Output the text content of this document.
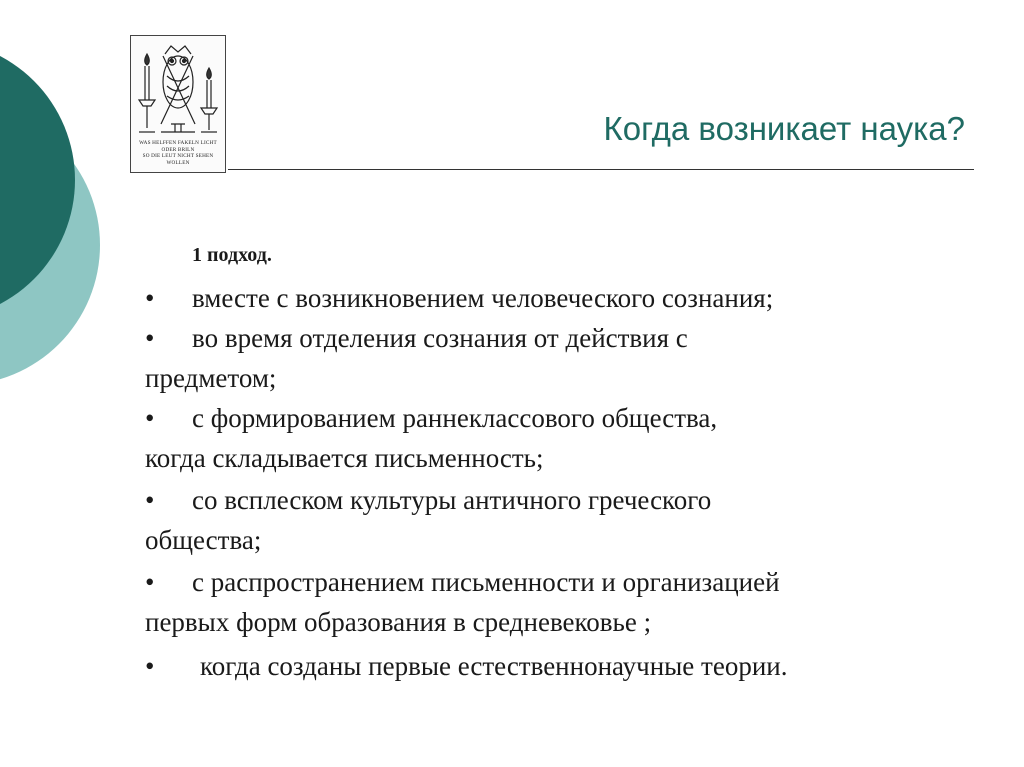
WAS HELFFEN FAKELN LICHT
ODER BRILN
SO DIE LEUT NICHT SEHEN
WOLLEN
Когда возникает наука?
1 подход.
•	вместе с возникновением человеческого сознания;
•	во время отделения сознания от действия с
предметом;
•	с формированием раннеклассового общества,
когда складывается письменность;
•	со всплеском культуры античного греческого
общества;
•	с распространением письменности и организацией
первых форм образования в средневековье ;
•	когда созданы первые естественнонаучные теории.
